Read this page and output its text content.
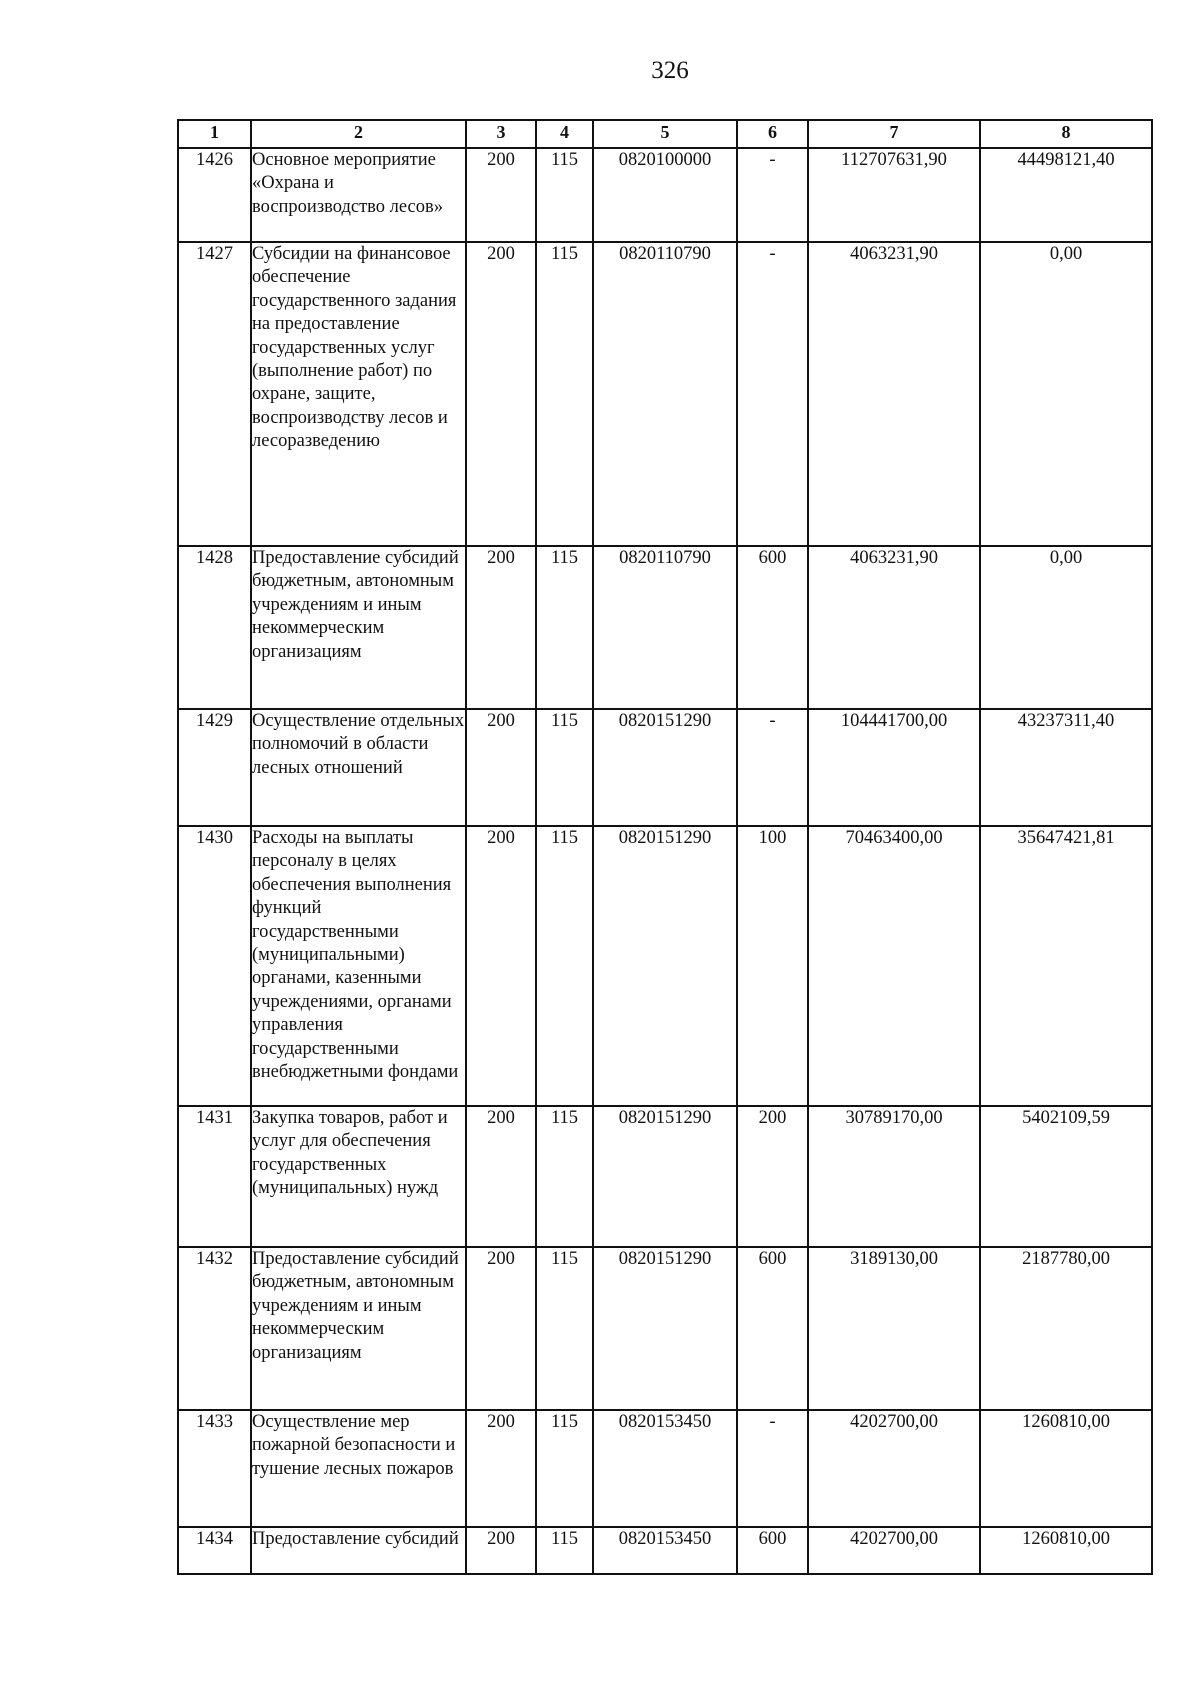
326
1	2	3	4	5	6	7	8
1426	Основное мероприятие «Охрана и воспроизводство лесов»	200	115	0820100000	-	112707631,90	44498121,40
1427	Субсидии на финансовое обеспечение государственного задания на предоставление государственных услуг (выполнение работ) по охране, защите, воспроизводству лесов и лесоразведению	200	115	0820110790	-	4063231,90	0,00
1428	Предоставление субсидий бюджетным, автономным учреждениям и иным некоммерческим организациям	200	115	0820110790	600	4063231,90	0,00
1429	Осуществление отдельных полномочий в области лесных отношений	200	115	0820151290	-	104441700,00	43237311,40
1430	Расходы на выплаты персоналу в целях обеспечения выполнения функций государственными (муниципальными) органами, казенными учреждениями, органами управления государственными внебюджетными фондами	200	115	0820151290	100	70463400,00	35647421,81
1431	Закупка товаров, работ и услуг для обеспечения государственных (муниципальных) нужд	200	115	0820151290	200	30789170,00	5402109,59
1432	Предоставление субсидий бюджетным, автономным учреждениям и иным некоммерческим организациям	200	115	0820151290	600	3189130,00	2187780,00
1433	Осуществление мер пожарной безопасности и тушение лесных пожаров	200	115	0820153450	-	4202700,00	1260810,00
1434	Предоставление субсидий	200	115	0820153450	600	4202700,00	1260810,00
